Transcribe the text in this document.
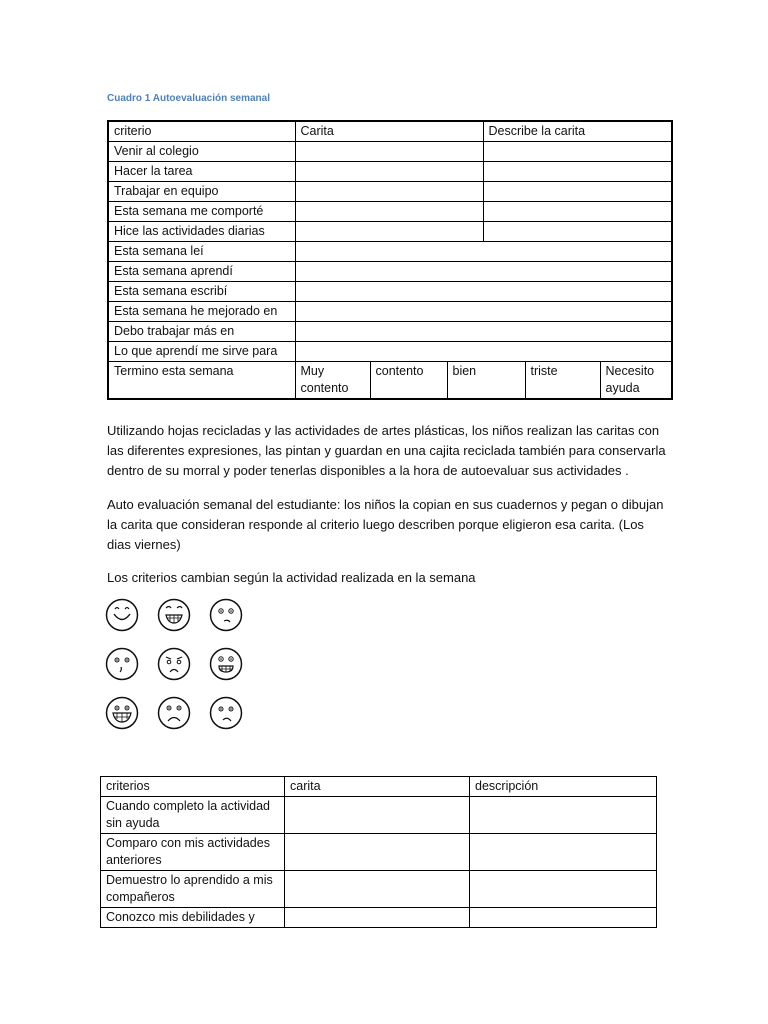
Cuadro 1 Autoevaluación semanal
criterio	Carita			Describe la carita		
Venir al colegio						
Hacer la tarea						
Trabajar en equipo						
Esta semana me comporté						
Hice las actividades diarias						
Esta semana leí						
Esta semana aprendí						
Esta semana escribí						
Esta semana he mejorado en						
Debo trabajar más en						
Lo que aprendí me sirve para						
Termino esta semana	Muy contento	contento	bien		triste	Necesito ayuda
Utilizando hojas recicladas y las actividades de artes plásticas, los niños realizan las caritas con las diferentes expresiones, las pintan y guardan en una cajita reciclada también para conservarla dentro de su morral y poder tenerlas disponibles a la hora de autoevaluar sus actividades .
Auto evaluación semanal del estudiante: los niños la copian en sus cuadernos y pegan o dibujan la carita que consideran responde al criterio luego describen porque eligieron esa carita. (Los dias viernes)
Los criterios cambian según la actividad realizada en la semana
criterios	carita	descripción
Cuando completo la actividad sin ayuda		
Comparo con mis actividades anteriores		
Demuestro lo aprendido a mis compañeros		
Conozco mis debilidades y		
